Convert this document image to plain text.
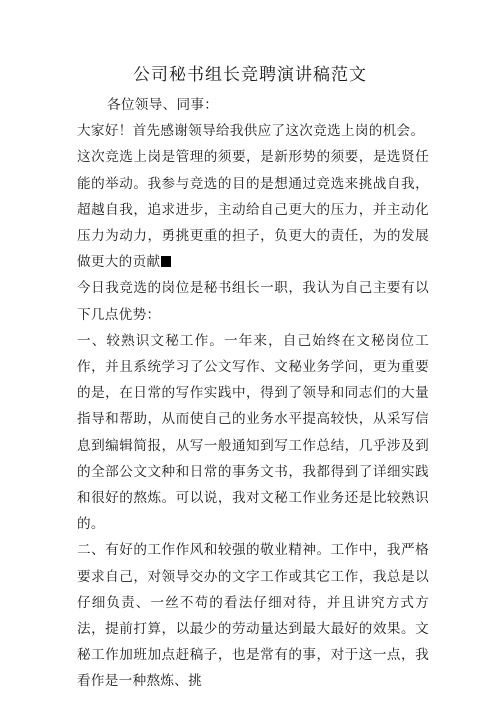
公司秘书组长竞聘演讲稿范文

各位领导、同事：

大家好！首先感谢领导给我供应了这次竞选上岗的机会。

这次竞选上岗是管理的须要，是新形势的须要，是选贤任能的举动。我参与竞选的目的是想通过竞选来挑战自我，超越自我，追求进步，主动给自己更大的压力，并主动化压力为动力，勇挑更重的担子，负更大的责任，为的发展做更大的贡献

今日我竞选的岗位是秘书组长一职，我认为自己主要有以下几点优势：

一、较熟识文秘工作。一年来，自己始终在文秘岗位工作，并且系统学习了公文写作、文秘业务学问，更为重要的是，在日常的写作实践中，得到了领导和同志们的大量指导和帮助，从而使自己的业务水平提高较快，从采写信息到编辑简报，从写一般通知到写工作总结，几乎涉及到的全部公文文种和日常的事务文书，我都得到了详细实践和很好的熬炼。可以说，我对文秘工作业务还是比较熟识的。

二、有好的工作作风和较强的敬业精神。工作中，我严格要求自己，对领导交办的文字工作或其它工作，我总是以仔细负责、一丝不苟的看法仔细对待，并且讲究方式方法，提前打算，以最少的劳动量达到最大最好的效果。文秘工作加班加点赶稿子，也是常有的事，对于这一点，我看作是一种熬炼、挑
